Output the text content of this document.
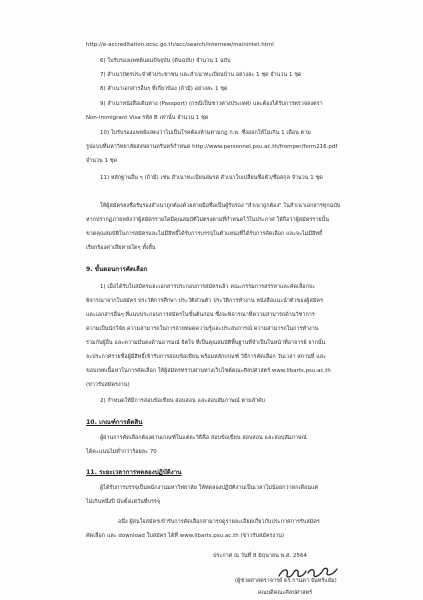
http://e-accreditation.ocsc.go.th/acc/search/internew/mainintet.html
6) ใบรับรองแพทย์แผนปัจจุบัน (ต้นฉบับ) จำนวน 1 ฉบับ
7) สำเนาบัตรประจำตัวประชาชน และสำเนาทะเบียนบ้าน อย่างละ 1 ชุด จำนวน 1 ชุด
8) สำเนาเอกสารอื่นๆ ที่เกี่ยวข้อง (ถ้ามี) อย่างละ 1 ชุด
9) สำเนาหนังสือเดินทาง (Passport) (กรณีเป็นชาวต่างประเทศ) และต้องได้รับการตรวจลงตรา
Non-Immigrant Visa รหัส B เท่านั้น จำนวน 1 ชุด
10) ใบรับรองแพทย์แสดงว่าไม่เป็นโรคต้องห้ามตามกฎ ก.พ. ซึ่งออกให้ไม่เกิน 1 เดือน ตาม
รูปแบบที่มหาวิทยาลัยสงขลานครินทร์กำหนด http://www.personnel.psu.ac.th/fromper/form216.pdf
จำนวน 1 ชุด
11) หลักฐานอื่น ๆ (ถ้ามี) เช่น สำเนาทะเบียนสมรส สำเนาใบเปลี่ยนชื่อตัว/ชื่อสกุล จำนวน 1 ชุด
ให้ผู้สมัครลงชื่อรับรองสำเนาถูกต้องด้วยลายมือชื่อเป็นผู้รับรอง "สำเนาถูกต้อง" ในสำเนาเอกสารทุกฉบับ
หากปรากฏภายหลังว่าผู้สมัครรายใดมีคุณสมบัติไม่ตรงตามที่กำหนดไว้ในประกาศ ให้ถือว่าผู้สมัครรายนั้น
ขาดคุณสมบัติในการสมัครและไม่มีสิทธิ์ได้รับการบรรจุในตำแหน่งที่ได้รับการคัดเลือก และจะไม่มีสิทธิ์
เรียกร้องค่าเสียหายใดๆ ทั้งสิ้น
9. ขั้นตอนการคัดเลือก
1) เมื่อได้รับใบสมัครและเอกสารประกอบการสมัครแล้ว คณะกรรมการสรรหาและคัดเลือกจะ
พิจารณาจากใบสมัคร ประวัติการศึกษา ประวัติส่วนตัว ประวัติการทำงาน หนังสือแนะนำตัวของผู้สมัคร
และเอกสารอื่นๆ ที่แนบประกอบการสมัครในขั้นต้นก่อน ซึ่งจะพิจารณาที่ความสามารถด้านวิชาการ
ความเป็นนักวิจัย ความสามารถในการถ่ายทอดความรู้และประสบการณ์ ความสามารถในการทำงาน
ร่วมกับผู้อื่น และความมั่นคงด้านอารมณ์ จิตใจ ที่เป็นคุณสมบัติพื้นฐานที่จำเป็นในหน้าที่อาจารย์ จากนั้น
จะประกาศรายชื่อผู้มีสิทธิ์เข้ารับการสอบข้อเขียน พร้อมหลักเกณฑ์ วิธีการคัดเลือก วันเวลา สถานที่ และ
ขอบเขตเนื้อหาในการคัดเลือก ให้ผู้สมัครทราบผ่านทางเว็บไซต์คณะศิลปศาสตร์ www.libarts.psu.ac.th
(ข่าวรับสมัครงาน)
2) กำหนดให้มีการสอบข้อเขียน สอบสอน และสอบสัมภาษณ์ ตามลำดับ
10. เกณฑ์การตัดสิน
ผู้ผ่านการคัดเลือกต้องผ่านเกณฑ์ในแต่ละวิธีคือ สอบข้อเขียน สอบสอน และสอบสัมภาษณ์
ได้คะแนนไม่ต่ำกว่าร้อยละ 70
11. ระยะเวลาการทดลองปฏิบัติงาน
ผู้ได้รับการบรรจุเป็นพนักงานมหาวิทยาลัย ให้ทดลองปฏิบัติงานเป็นเวลาไม่น้อยกว่าหกเดือนแต่
ไม่เกินหนึ่งปี นับตั้งแต่วันที่บรรจุ
อนึ่ง ผู้สนใจสมัครเข้ารับการคัดเลือกสามารถดูรายละเอียดเกี่ยวกับประกาศการรับสมัคร
คัดเลือก และ download ใบสมัคร ได้ที่ www.libarts.psu.ac.th (ข่าวรับสมัครงาน)
ประกาศ ณ วันที่ 8 มิถุนายน พ.ศ. 2564
(ผู้ช่วยศาสตราจารย์ ดร.กานดา จันทร์แย้ม)
คณบดีคณะศิลปศาสตร์
